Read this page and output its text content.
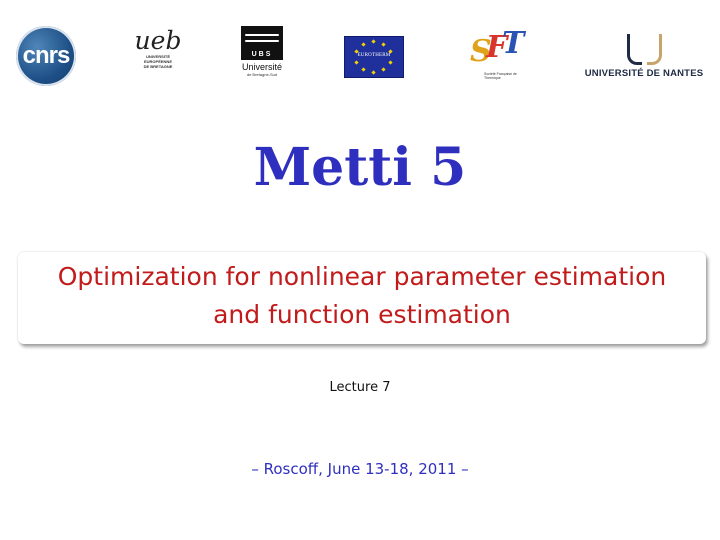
cnrs
ueb
UNIVERSITÉ
EUROPÉENNE
DE BRETAGNE
UBS
Université
de Bretagne-Sud
EUROTHERM	S
F
T
Société Française de Thermique	UNIVERSITÉ DE NANTES
Metti 5
Optimization for nonlinear parameter estimation
and function estimation
Lecture 7
– Roscoff, June 13-18, 2011 –
